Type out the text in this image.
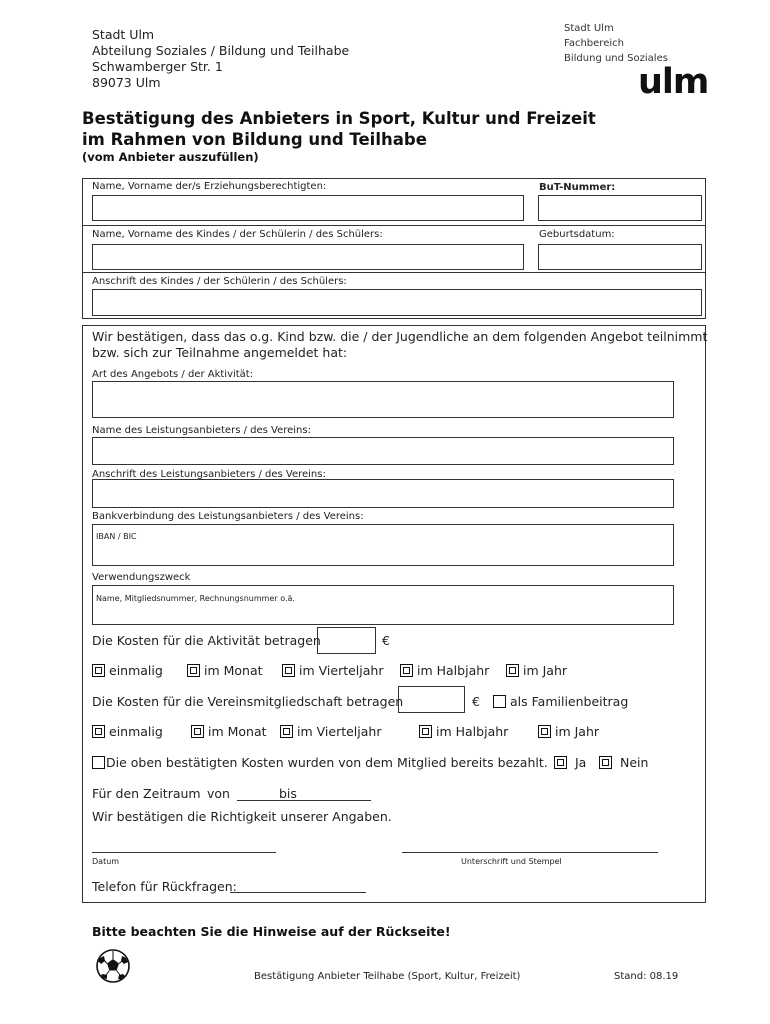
Stadt Ulm
Abteilung Soziales / Bildung und Teilhabe
Schwamberger Str. 1
89073 Ulm
Stadt Ulm
Fachbereich
Bildung und Soziales
ulm
Bestätigung des Anbieters in Sport, Kultur und Freizeit
im Rahmen von Bildung und Teilhabe
(vom Anbieter auszufüllen)
Name, Vorname der/s Erziehungsberechtigten:	BuT-Nummer:
Name, Vorname des Kindes / der Schülerin / des Schülers:	Geburtsdatum:
Anschrift des Kindes / der Schülerin / des Schülers:
Wir bestätigen, dass das o.g. Kind bzw. die / der Jugendliche an dem folgenden Angebot teilnimmt
bzw. sich zur Teilnahme angemeldet hat:
Art des Angebots / der Aktivität:
Name des Leistungsanbieters / des Vereins:
Anschrift des Leistungsanbieters / des Vereins:
Bankverbindung des Leistungsanbieters / des Vereins:
IBAN / BIC
Verwendungszweck
Name, Mitgliedsnummer, Rechnungsnummer o.ä.
Die Kosten für die Aktivität betragen	€
einmalig	im Monat	im Vierteljahr	im Halbjahr	im Jahr
Die Kosten für die Vereinsmitgliedschaft betragen	€	als Familienbeitrag
einmalig	im Monat	im Vierteljahr	im Halbjahr	im Jahr
Die oben bestätigten Kosten wurden von dem Mitglied bereits bezahlt.	Ja	Nein
Für den Zeitraum von	bis
Wir bestätigen die Richtigkeit unserer Angaben.
Datum	Unterschrift und Stempel
Telefon für Rückfragen:
Bitte beachten Sie die Hinweise auf der Rückseite!
Bestätigung Anbieter Teilhabe (Sport, Kultur, Freizeit)	Stand: 08.19
